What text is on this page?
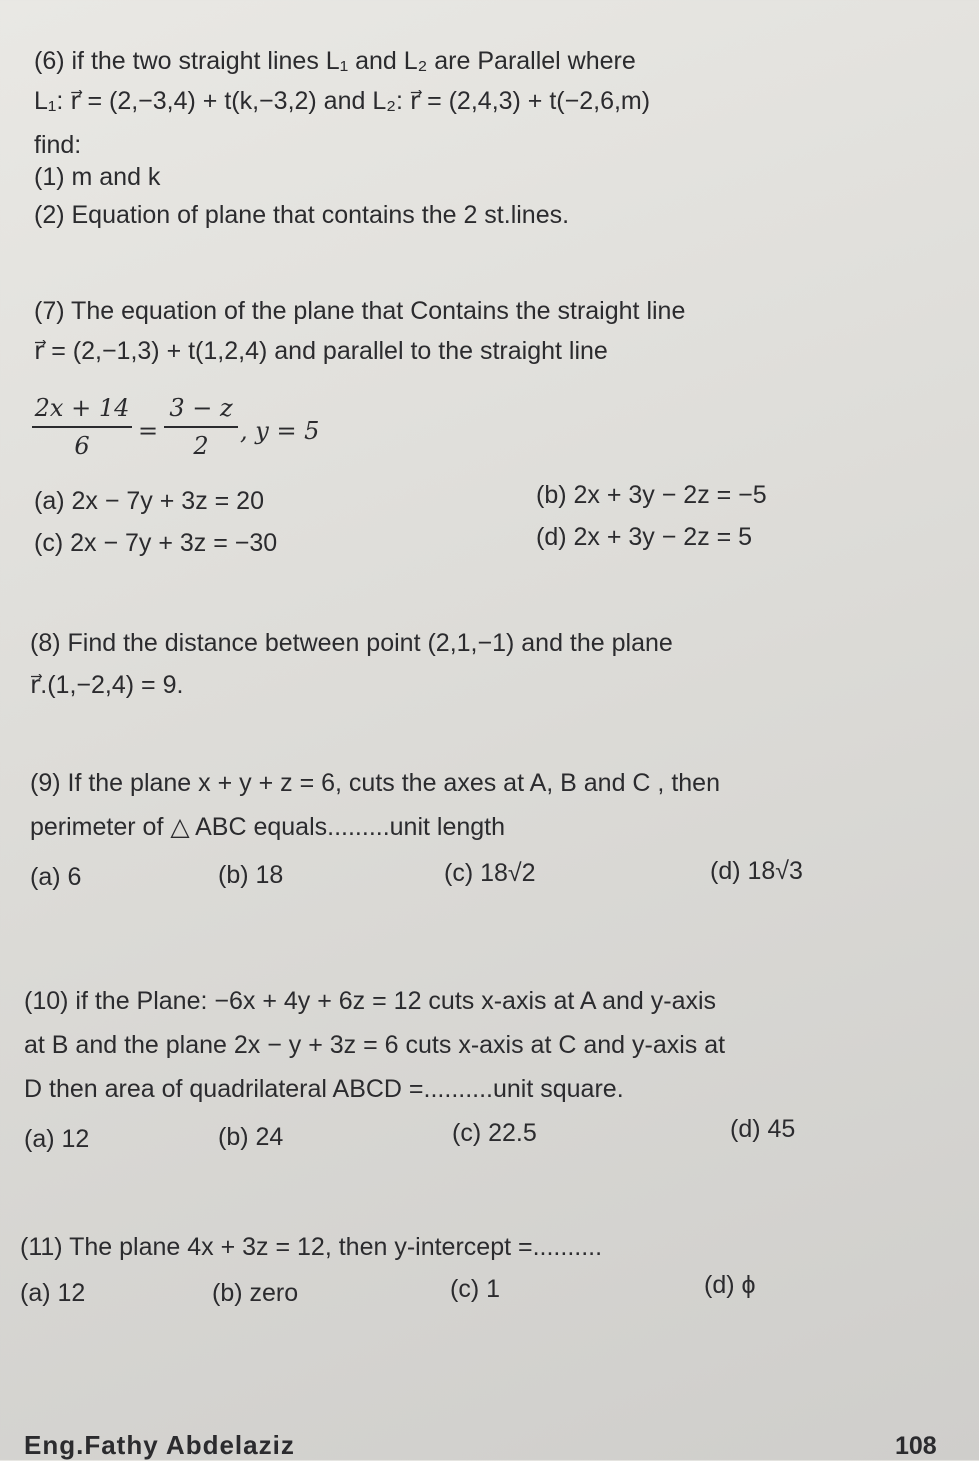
(6) if the two straight lines L₁ and L₂ are Parallel where
L₁: r⃗ = (2,−3,4) + t(k,−3,2) and L₂: r⃗ = (2,4,3) + t(−2,6,m)
find:
(1) m and k
(2) Equation of plane that contains the 2 st.lines.
(7) The equation of the plane that Contains the straight line
r⃗ = (2,−1,3) + t(1,2,4) and parallel to the straight line
$\frac{2x + 14}{6} = \frac{3 - z}{2}$ , y = 5
(a) 2x − 7y + 3z = 20	(b) 2x + 3y − 2z = −5
(c) 2x − 7y + 3z = −30	(d) 2x + 3y − 2z = 5
(8) Find the distance between point (2,1,−1) and the plane
r⃗.(1,−2,4) = 9.
(9) If the plane x + y + z = 6, cuts the axes at A, B and C , then
perimeter of △ ABC equals.........unit length
(a) 6	(b) 18	(c) 18√2	(d) 18√3
(10) if the Plane: −6x + 4y + 6z = 12 cuts x-axis at A and y-axis
at B and the plane 2x − y + 3z = 6 cuts x-axis at C and y-axis at
D then area of quadrilateral ABCD =..........unit square.
(a) 12	(b) 24	(c) 22.5	(d) 45
(11) The plane 4x + 3z = 12, then y-intercept =..........
(a) 12	(b) zero	(c) 1	(d) ϕ
Eng.Fathy Abdelaziz	108
